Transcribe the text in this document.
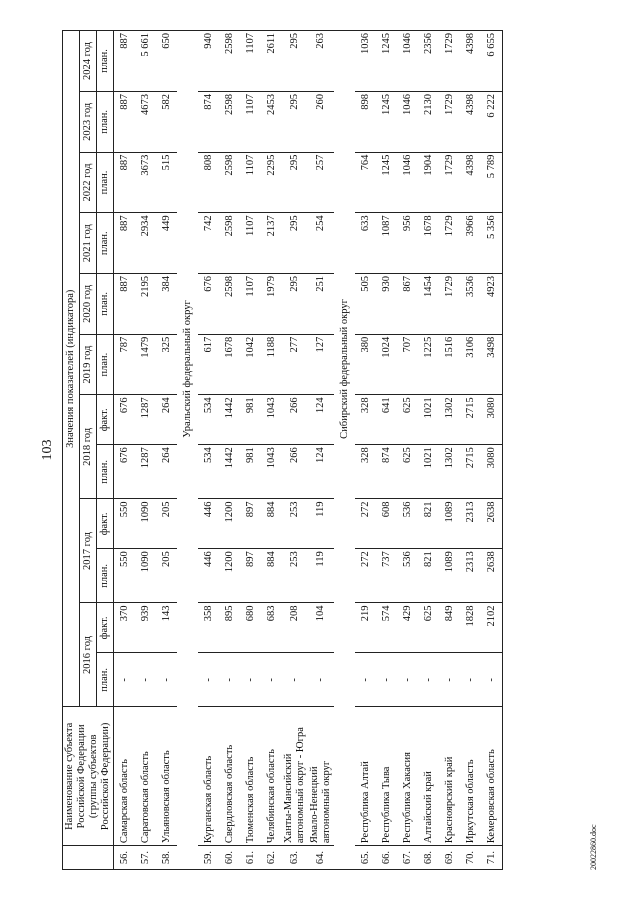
103
	Наименование субъекта Российской Федерации (группы субъектов Российской Федерации)	Значения показателей (индикатора)											
		2016 год		2017 год		2018 год		2019 год	2020 год	2021 год	2022 год	2023 год	2024 год
		план.	факт.	план.	факт.	план.	факт.	план.	план.	план.	план.	план.	план.
56.	Самарская область	-	370	550	550	676	676	787	887	887	887	887	887
57.	Саратовская область	-	939	1090	1090	1287	1287	1479	2195	2934	3673	4673	5 661
58.	Ульяновская область	-	143	205	205	264	264	325	384	449	515	582	650
		Уральский федеральный округ											
59.	Курганская область	-	358	446	446	534	534	617	676	742	808	874	940
60.	Свердловская область	-	895	1200	1200	1442	1442	1678	2598	2598	2598	2598	2598
61.	Тюменская область	-	680	897	897	981	981	1042	1107	1107	1107	1107	1107
62.	Челябинская область	-	683	884	884	1043	1043	1188	1979	2137	2295	2453	2611
63.	Ханты-Мансийский автономный округ - Югра	-	208	253	253	266	266	277	295	295	295	295	295
64.	Ямало-Ненецкий автономный округ	-	104	119	119	124	124	127	251	254	257	260	263
		Сибирский федеральный округ											
65.	Республика Алтай	-	219	272	272	328	328	380	505	633	764	898	1036
66.	Республика Тыва	-	574	737	608	874	641	1024	930	1087	1245	1245	1245
67.	Республика Хакасия	-	429	536	536	625	625	707	867	956	1046	1046	1046
68.	Алтайский край	-	625	821	821	1021	1021	1225	1454	1678	1904	2130	2356
69.	Красноярский край	-	849	1089	1089	1302	1302	1516	1729	1729	1729	1729	1729
70.	Иркутская область	-	1828	2313	2313	2715	2715	3106	3536	3966	4398	4398	4398
71.	Кемеровская область	-	2102	2638	2638	3080	3080	3498	4923	5 356	5 789	6 222	6 655
20022860.doc
